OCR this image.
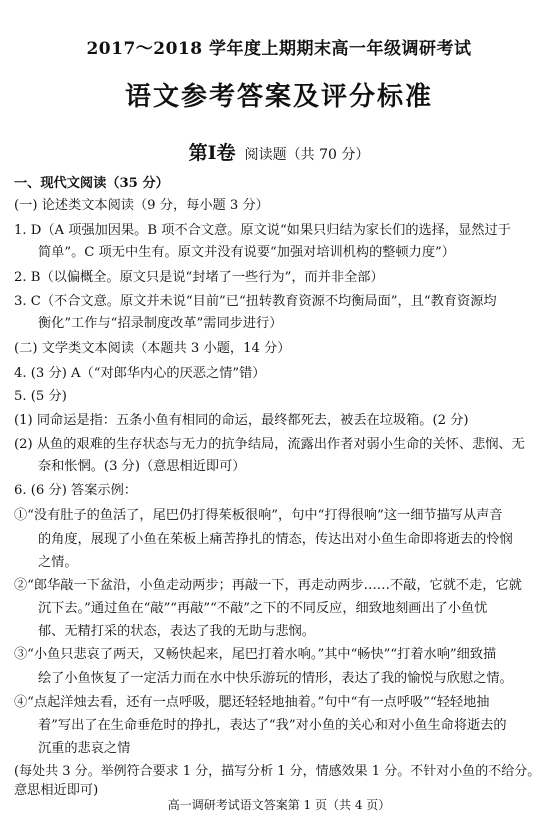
2017～2018 学年度上期期末高一年级调研考试
语文参考答案及评分标准
第Ⅰ卷 阅读题（共 70 分）
一、现代文阅读（35 分）
(一) 论述类文本阅读（9 分，每小题 3 分）
1. D（A 项强加因果。B 项不合文意。原文说“如果只归结为家长们的选择，显然过于
简单”。C 项无中生有。原文并没有说要“加强对培训机构的整顿力度”）
2. B（以偏概全。原文只是说“封堵了一些行为”，而并非全部）
3. C（不合文意。原文并未说“目前”已“扭转教育资源不均衡局面”，且“教育资源均
衡化”工作与“招录制度改革”需同步进行）
(二) 文学类文本阅读（本题共 3 小题，14 分）
4. (3 分) A（“对郎华内心的厌恶之情”错）
5. (5 分)
(1) 同命运是指：五条小鱼有相同的命运，最终都死去，被丢在垃圾箱。(2 分)
(2) 从鱼的艰难的生存状态与无力的抗争结局，流露出作者对弱小生命的关怀、悲悯、无
奈和怅惘。(3 分)（意思相近即可）
6. (6 分) 答案示例：
①“没有肚子的鱼活了，尾巴仍打得茱板很响”，句中“打得很响”这一细节描写从声音
的角度，展现了小鱼在茱板上痛苦挣扎的情态，传达出对小鱼生命即将逝去的怜悯
之情。
②“郎华敲一下盆沿，小鱼走动两步；再敲一下，再走动两步……不敲，它就不走，它就
沉下去。”通过鱼在“敲”“再敲”“不敲”之下的不同反应，细致地刻画出了小鱼忧
郁、无精打采的状态，表达了我的无助与悲悯。
③“小鱼只悲哀了两天，又畅快起来，尾巴打着水响。”其中“畅快”“打着水响”细致描
绘了小鱼恢复了一定活力而在水中快乐游玩的情形，表达了我的愉悦与欣慰之情。
④“点起洋烛去看，还有一点呼吸，腮还轻轻地抽着。”句中“有一点呼吸”“轻轻地抽
着”写出了在生命垂危时的挣扎，表达了“我”对小鱼的关心和对小鱼生命将逝去的
沉重的悲哀之情
(每处共 3 分。举例符合要求 1 分，描写分析 1 分，情感效果 1 分。不针对小鱼的不给分。
意思相近即可)
高一调研考试语文答案第 1 页（共 4 页）
